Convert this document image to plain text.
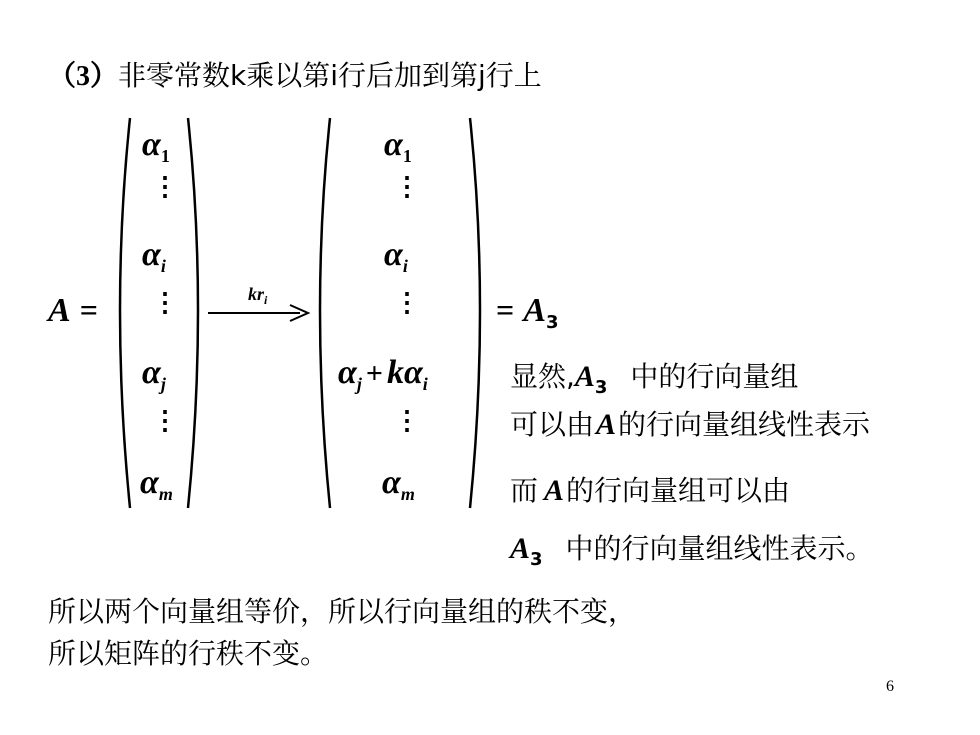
（3）非零常数k乘以第i行后加到第j行上
A =
$\alpha_1$
⋮
$\alpha_i$
⋮
$\alpha_j$
⋮
$\alpha_m$
$kr_i$
$\alpha_1$
⋮
$\alpha_i$
⋮
$\alpha_j + k\alpha_i$
⋮
$\alpha_m$
= A3
显然$,A_3$ 中的行向量组
可以由A的行向量组线性表示
而 A的行向量组可以由
$A_3$ 中的行向量组线性表示。
所以两个向量组等价，所以行向量组的秩不变，
所以矩阵的行秩不变。
6
